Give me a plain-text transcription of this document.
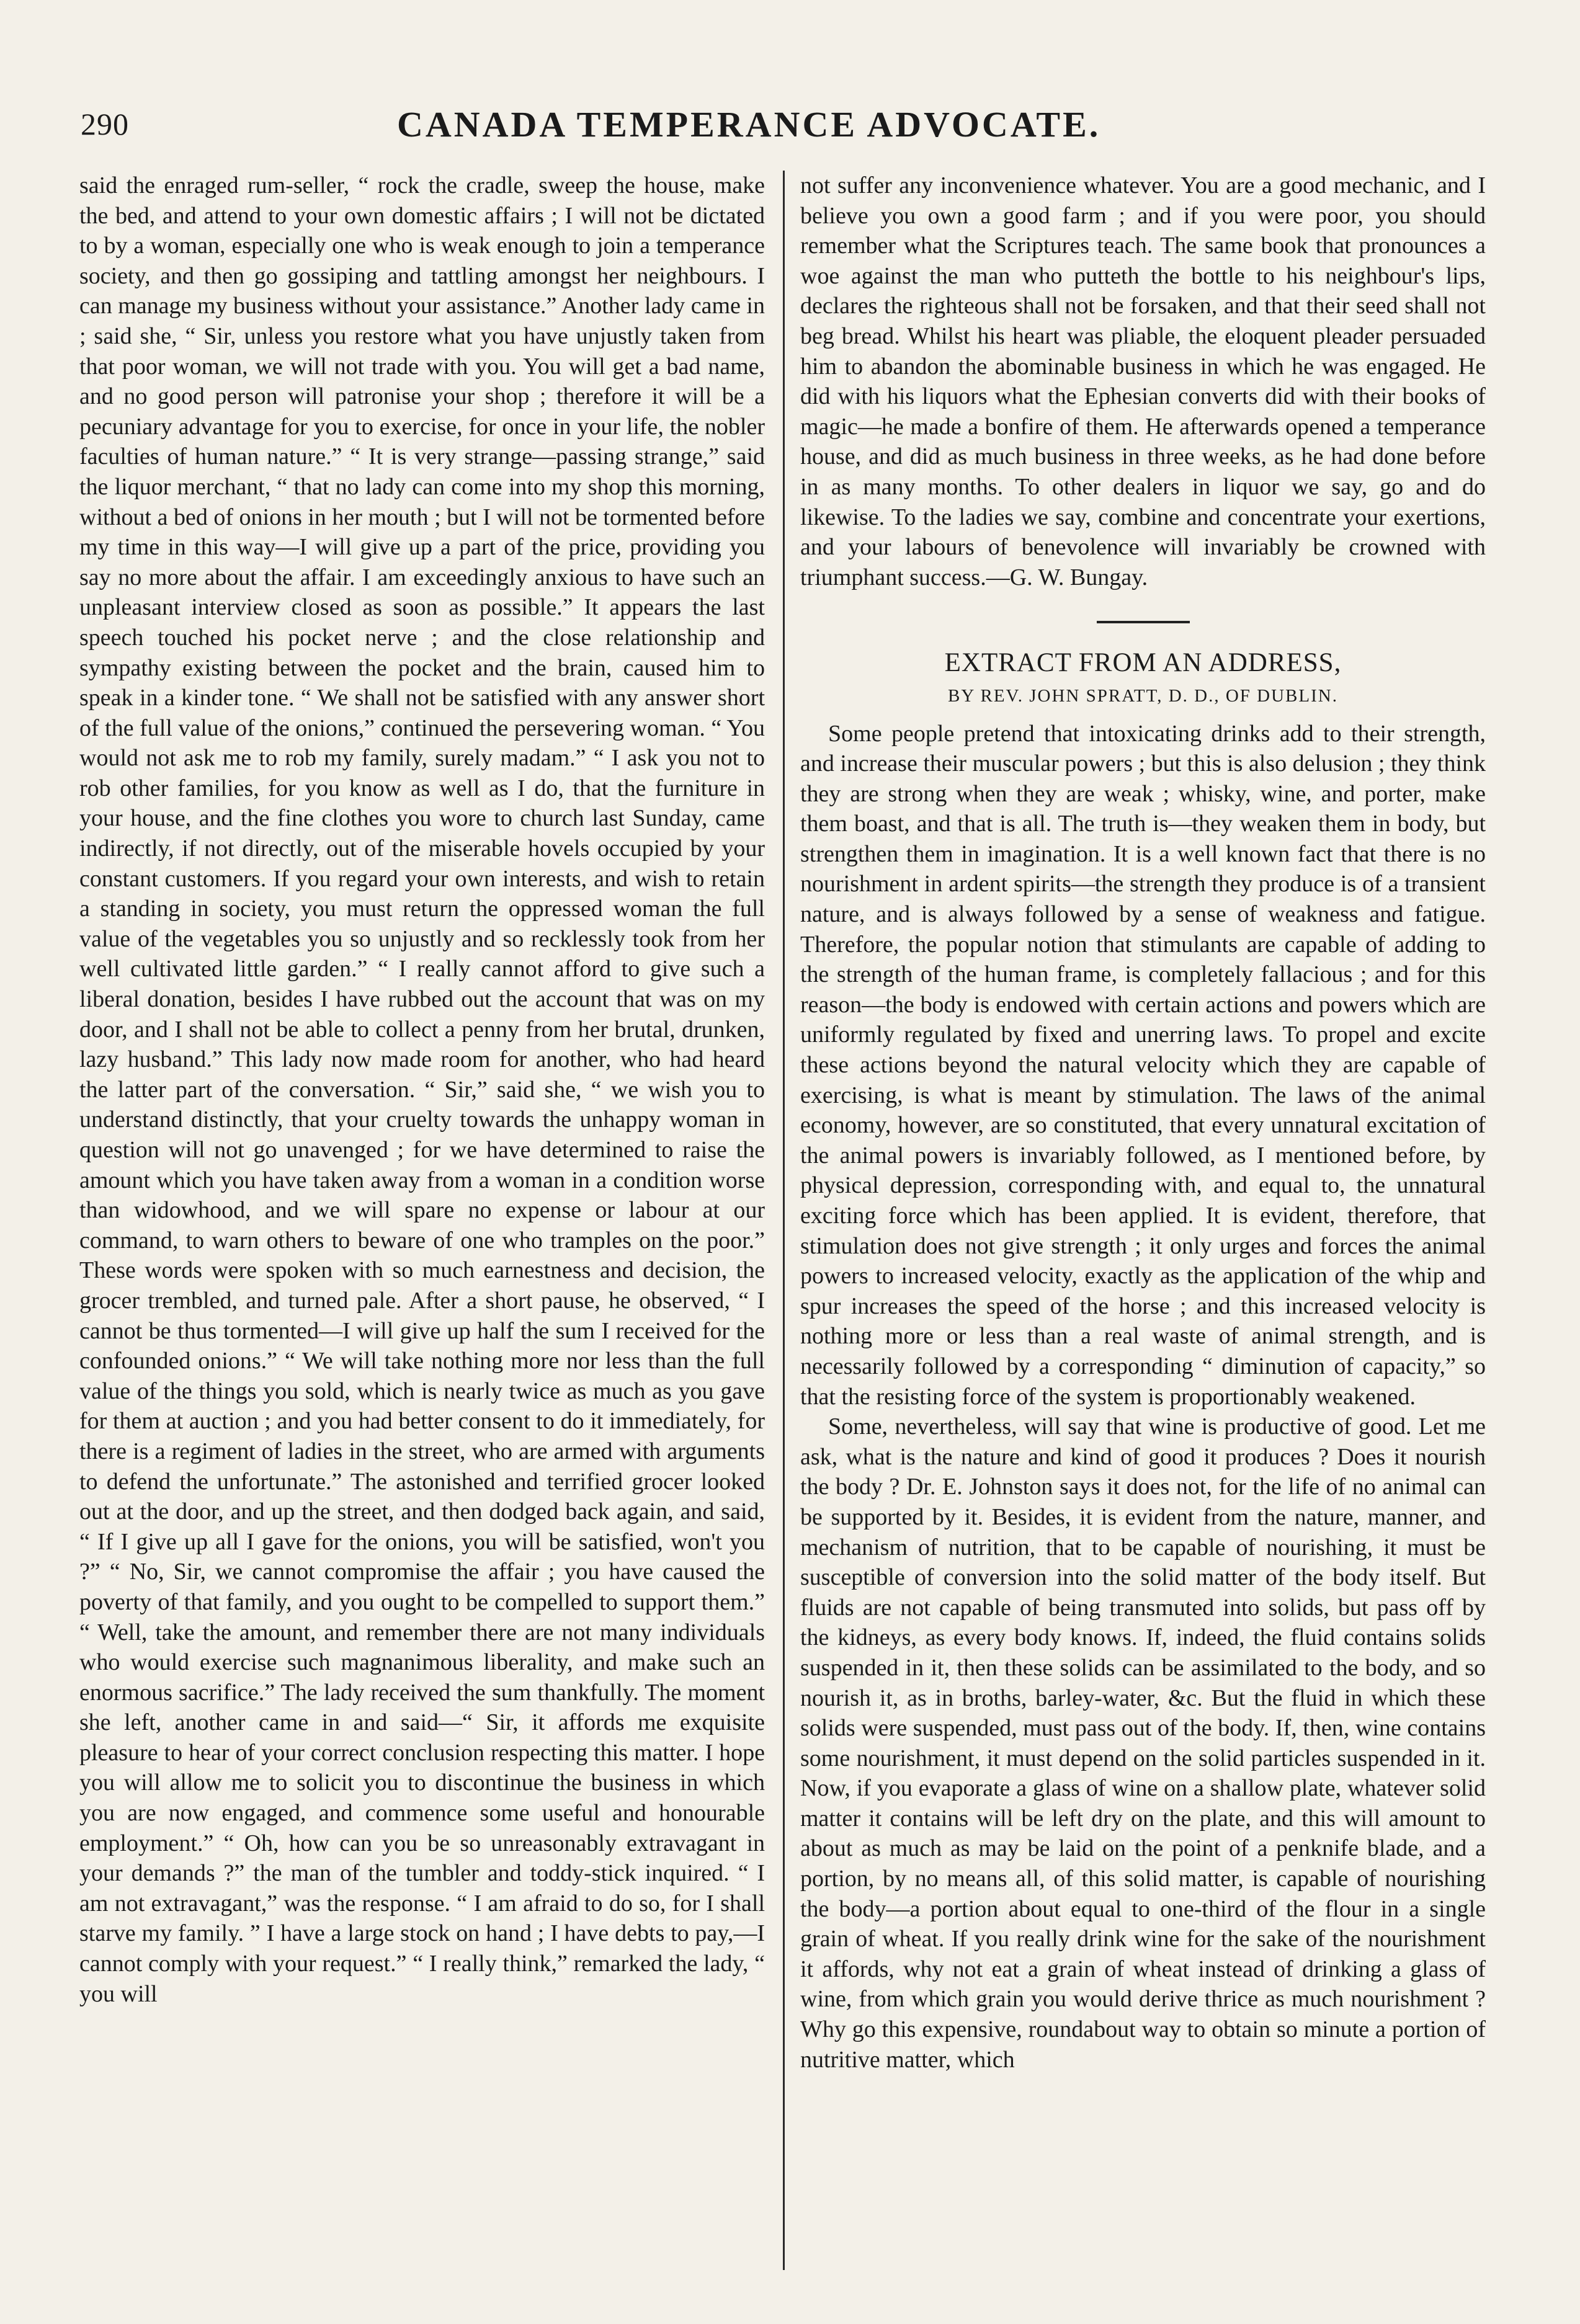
290	CANADA TEMPERANCE ADVOCATE.

said the enraged rum-seller, “ rock the cradle, sweep the house, make the bed, and attend to your own domestic affairs ; I will not be dictated to by a woman, especially one who is weak enough to join a temperance society, and then go gossiping and tattling amongst her neighbours. I can manage my business without your assistance.” Another lady came in ; said she, “ Sir, unless you restore what you have unjustly taken from that poor woman, we will not trade with you. You will get a bad name, and no good person will patronise your shop ; therefore it will be a pecuniary advantage for you to exercise, for once in your life, the nobler faculties of human nature.” “ It is very strange—passing strange,” said the liquor merchant, “ that no lady can come into my shop this morning, without a bed of onions in her mouth ; but I will not be tormented before my time in this way—I will give up a part of the price, providing you say no more about the affair. I am exceedingly anxious to have such an unpleasant interview closed as soon as possible.” It appears the last speech touched his pocket nerve ; and the close relationship and sympathy existing between the pocket and the brain, caused him to speak in a kinder tone. “ We shall not be satisfied with any answer short of the full value of the onions,” continued the persevering woman. “ You would not ask me to rob my family, surely madam.” “ I ask you not to rob other families, for you know as well as I do, that the furniture in your house, and the fine clothes you wore to church last Sunday, came indirectly, if not directly, out of the miserable hovels occupied by your constant customers. If you regard your own interests, and wish to retain a standing in society, you must return the oppressed woman the full value of the vegetables you so unjustly and so recklessly took from her well cultivated little garden.” “ I really cannot afford to give such a liberal donation, besides I have rubbed out the account that was on my door, and I shall not be able to collect a penny from her brutal, drunken, lazy husband.” This lady now made room for another, who had heard the latter part of the conversation. “ Sir,” said she, “ we wish you to understand distinctly, that your cruelty towards the unhappy woman in question will not go unavenged ; for we have determined to raise the amount which you have taken away from a woman in a condition worse than widowhood, and we will spare no expense or labour at our command, to warn others to beware of one who tramples on the poor.” These words were spoken with so much earnestness and decision, the grocer trembled, and turned pale. After a short pause, he observed, “ I cannot be thus tormented—I will give up half the sum I received for the confounded onions.” “ We will take nothing more nor less than the full value of the things you sold, which is nearly twice as much as you gave for them at auction ; and you had better consent to do it immediately, for there is a regiment of ladies in the street, who are armed with arguments to defend the unfortunate.” The astonished and terrified grocer looked out at the door, and up the street, and then dodged back again, and said, “ If I give up all I gave for the onions, you will be satisfied, won't you ?” “ No, Sir, we cannot compromise the affair ; you have caused the poverty of that family, and you ought to be compelled to support them.” “ Well, take the amount, and remember there are not many individuals who would exercise such magnanimous liberality, and make such an enormous sacrifice.” The lady received the sum thankfully. The moment she left, another came in and said—“ Sir, it affords me exquisite pleasure to hear of your correct conclusion respecting this matter. I hope you will allow me to solicit you to discontinue the business in which you are now engaged, and commence some useful and honourable employment.” “ Oh, how can you be so unreasonably extravagant in your demands ?” the man of the tumbler and toddy-stick inquired. “ I am not extravagant,” was the response. “ I am afraid to do so, for I shall starve my family. ” I have a large stock on hand ; I have debts to pay,—I cannot comply with your request.” “ I really think,” remarked the lady, “ you will

not suffer any inconvenience whatever. You are a good mechanic, and I believe you own a good farm ; and if you were poor, you should remember what the Scriptures teach. The same book that pronounces a woe against the man who putteth the bottle to his neighbour's lips, declares the righteous shall not be forsaken, and that their seed shall not beg bread. Whilst his heart was pliable, the eloquent pleader persuaded him to abandon the abominable business in which he was engaged. He did with his liquors what the Ephesian converts did with their books of magic—he made a bonfire of them. He afterwards opened a temperance house, and did as much business in three weeks, as he had done before in as many months. To other dealers in liquor we say, go and do likewise. To the ladies we say, combine and concentrate your exertions, and your labours of benevolence will invariably be crowned with triumphant success.—G. W. Bungay.

EXTRACT FROM AN ADDRESS,

BY REV. JOHN SPRATT, D. D., OF DUBLIN.

Some people pretend that intoxicating drinks add to their strength, and increase their muscular powers ; but this is also delusion ; they think they are strong when they are weak ; whisky, wine, and porter, make them boast, and that is all. The truth is—they weaken them in body, but strengthen them in imagination. It is a well known fact that there is no nourishment in ardent spirits—the strength they produce is of a transient nature, and is always followed by a sense of weakness and fatigue. Therefore, the popular notion that stimulants are capable of adding to the strength of the human frame, is completely fallacious ; and for this reason—the body is endowed with certain actions and powers which are uniformly regulated by fixed and unerring laws. To propel and excite these actions beyond the natural velocity which they are capable of exercising, is what is meant by stimulation. The laws of the animal economy, however, are so constituted, that every unnatural excitation of the animal powers is invariably followed, as I mentioned before, by physical depression, corresponding with, and equal to, the unnatural exciting force which has been applied. It is evident, therefore, that stimulation does not give strength ; it only urges and forces the animal powers to increased velocity, exactly as the application of the whip and spur increases the speed of the horse ; and this increased velocity is nothing more or less than a real waste of animal strength, and is necessarily followed by a corresponding “ diminution of capacity,” so that the resisting force of the system is proportionably weakened.

Some, nevertheless, will say that wine is productive of good. Let me ask, what is the nature and kind of good it produces ? Does it nourish the body ? Dr. E. Johnston says it does not, for the life of no animal can be supported by it. Besides, it is evident from the nature, manner, and mechanism of nutrition, that to be capable of nourishing, it must be susceptible of conversion into the solid matter of the body itself. But fluids are not capable of being transmuted into solids, but pass off by the kidneys, as every body knows. If, indeed, the fluid contains solids suspended in it, then these solids can be assimilated to the body, and so nourish it, as in broths, barley-water, &c. But the fluid in which these solids were suspended, must pass out of the body. If, then, wine contains some nourishment, it must depend on the solid particles suspended in it. Now, if you evaporate a glass of wine on a shallow plate, whatever solid matter it contains will be left dry on the plate, and this will amount to about as much as may be laid on the point of a penknife blade, and a portion, by no means all, of this solid matter, is capable of nourishing the body—a portion about equal to one-third of the flour in a single grain of wheat. If you really drink wine for the sake of the nourishment it affords, why not eat a grain of wheat instead of drinking a glass of wine, from which grain you would derive thrice as much nourishment ? Why go this expensive, roundabout way to obtain so minute a portion of nutritive matter, which
